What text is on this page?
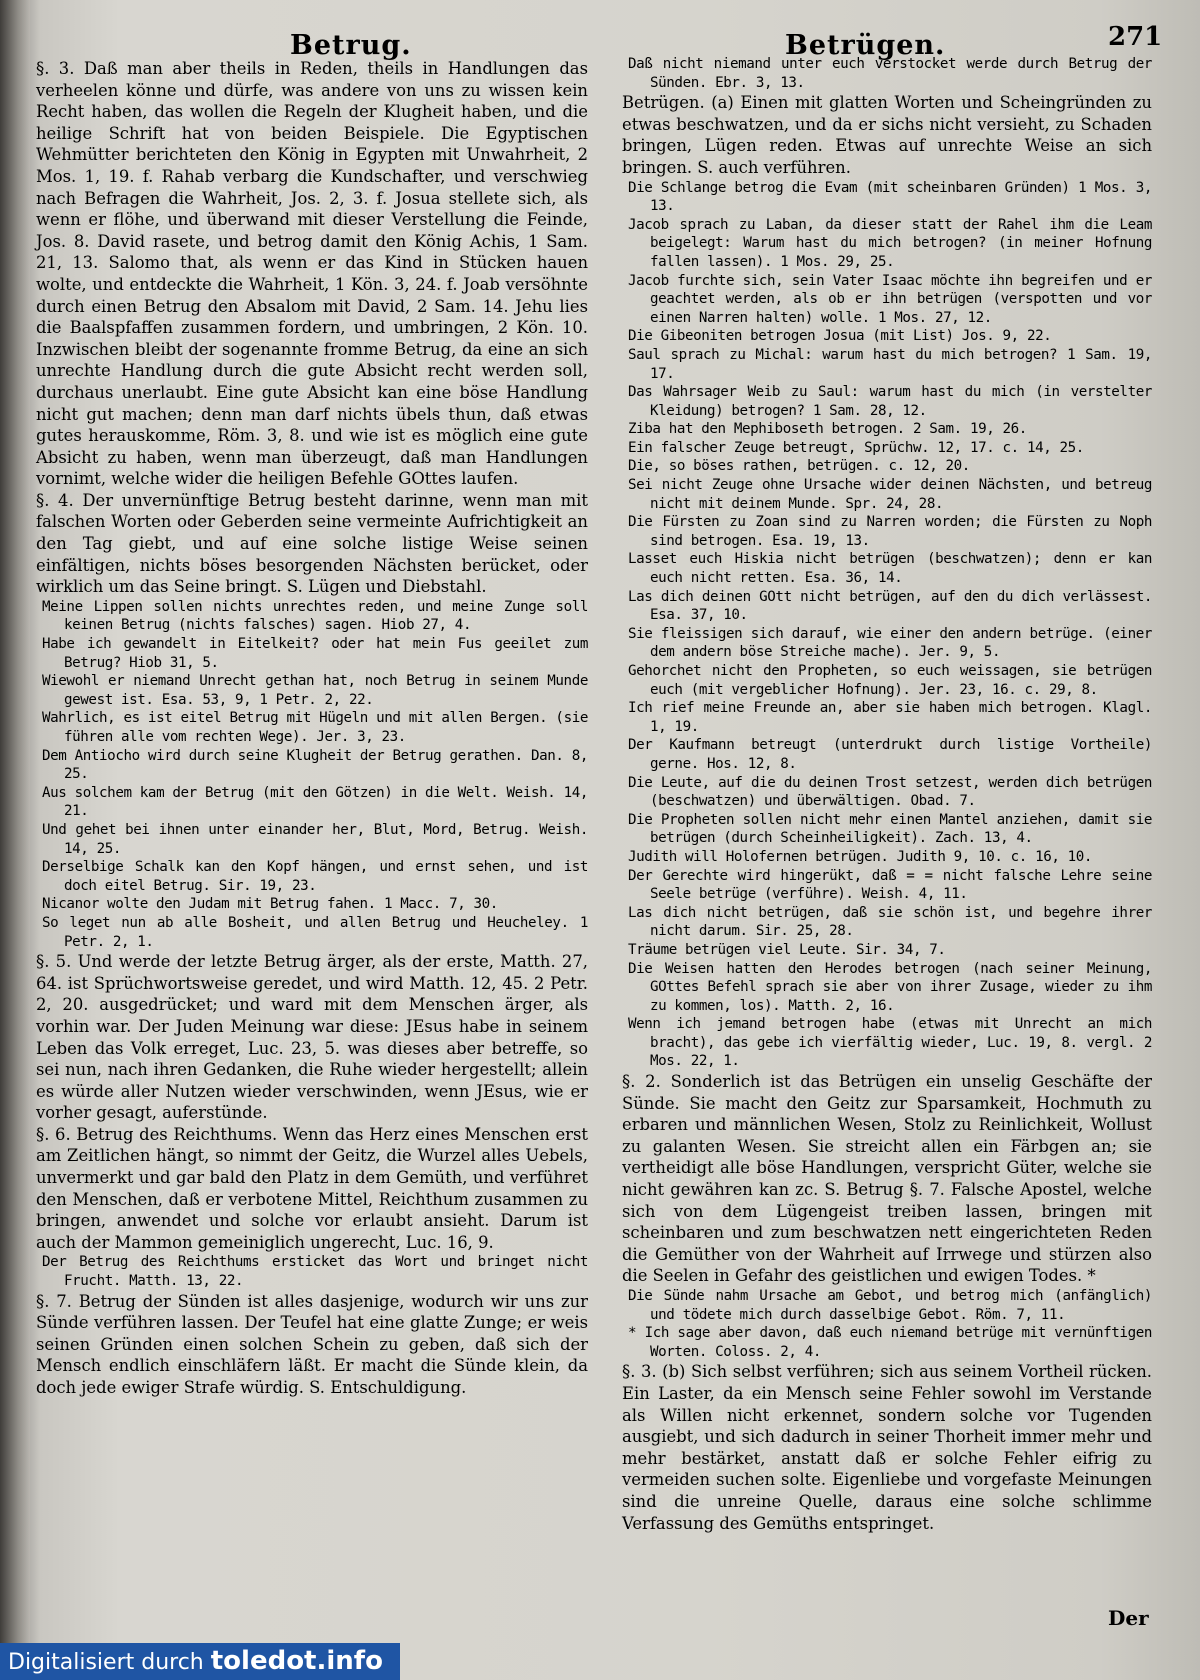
Betrug.	Betrügen.	271
§. 3. Daß man aber theils in Reden, theils in Handlungen das verheelen könne und dürfe, was andere von uns zu wissen kein Recht haben, das wollen die Regeln der Klugheit haben, und die heilige Schrift hat von beiden Beispiele. Die Egyptischen Wehmütter berichteten den König in Egypten mit Unwahrheit, 2 Mos. 1, 19. f. Rahab verbarg die Kundschafter, und verschwieg nach Befragen die Wahrheit, Jos. 2, 3. f. Josua stellete sich, als wenn er flöhe, und überwand mit dieser Verstellung die Feinde, Jos. 8. David rasete, und betrog damit den König Achis, 1 Sam. 21, 13. Salomo that, als wenn er das Kind in Stücken hauen wolte, und entdeckte die Wahrheit, 1 Kön. 3, 24. f. Joab versöhnte durch einen Betrug den Absalom mit David, 2 Sam. 14. Jehu lies die Baalspfaffen zusammen fordern, und umbringen, 2 Kön. 10. Inzwischen bleibt der sogenannte fromme Betrug, da eine an sich unrechte Handlung durch die gute Absicht recht werden soll, durchaus unerlaubt. Eine gute Absicht kan eine böse Handlung nicht gut machen; denn man darf nichts übels thun, daß etwas gutes herauskomme, Röm. 3, 8. und wie ist es möglich eine gute Absicht zu haben, wenn man überzeugt, daß man Handlungen vornimt, welche wider die heiligen Befehle GOttes laufen.
§. 4. Der unvernünftige Betrug besteht darinne, wenn man mit falschen Worten oder Geberden seine vermeinte Aufrichtigkeit an den Tag giebt, und auf eine solche listige Weise seinen einfältigen, nichts böses besorgenden Nächsten berücket, oder wirklich um das Seine bringt. S. Lügen und Diebstahl.
Meine Lippen sollen nichts unrechtes reden, und meine Zunge soll keinen Betrug (nichts falsches) sagen. Hiob 27, 4.
Habe ich gewandelt in Eitelkeit? oder hat mein Fus geeilet zum Betrug? Hiob 31, 5.
Wiewohl er niemand Unrecht gethan hat, noch Betrug in seinem Munde gewest ist. Esa. 53, 9, 1 Petr. 2, 22.
Wahrlich, es ist eitel Betrug mit Hügeln und mit allen Bergen. (sie führen alle vom rechten Wege). Jer. 3, 23.
Dem Antiocho wird durch seine Klugheit der Betrug gerathen. Dan. 8, 25.
Aus solchem kam der Betrug (mit den Götzen) in die Welt. Weish. 14, 21.
Und gehet bei ihnen unter einander her, Blut, Mord, Betrug. Weish. 14, 25.
Derselbige Schalk kan den Kopf hängen, und ernst sehen, und ist doch eitel Betrug. Sir. 19, 23.
Nicanor wolte den Judam mit Betrug fahen. 1 Macc. 7, 30.
So leget nun ab alle Bosheit, und allen Betrug und Heucheley. 1 Petr. 2, 1.
§. 5. Und werde der letzte Betrug ärger, als der erste, Matth. 27, 64. ist Sprüchwortsweise geredet, und wird Matth. 12, 45. 2 Petr. 2, 20. ausgedrücket; und ward mit dem Menschen ärger, als vorhin war. Der Juden Meinung war diese: JEsus habe in seinem Leben das Volk erreget, Luc. 23, 5. was dieses aber betreffe, so sei nun, nach ihren Gedanken, die Ruhe wieder hergestellt; allein es würde aller Nutzen wieder verschwinden, wenn JEsus, wie er vorher gesagt, auferstünde.
§. 6. Betrug des Reichthums. Wenn das Herz eines Menschen erst am Zeitlichen hängt, so nimmt der Geitz, die Wurzel alles Uebels, unvermerkt und gar bald den Platz in dem Gemüth, und verführet den Menschen, daß er verbotene Mittel, Reichthum zusammen zu bringen, anwendet und solche vor erlaubt ansieht. Darum ist auch der Mammon gemeiniglich ungerecht, Luc. 16, 9.
Der Betrug des Reichthums ersticket das Wort und bringet nicht Frucht. Matth. 13, 22.
§. 7. Betrug der Sünden ist alles dasjenige, wodurch wir uns zur Sünde verführen lassen. Der Teufel hat eine glatte Zunge; er weis seinen Gründen einen solchen Schein zu geben, daß sich der Mensch endlich einschläfern läßt. Er macht die Sünde klein, da doch jede ewiger Strafe würdig. S. Entschuldigung.
Daß nicht niemand unter euch verstocket werde durch Betrug der Sünden. Ebr. 3, 13.
Betrügen. (a) Einen mit glatten Worten und Scheingründen zu etwas beschwatzen, und da er sichs nicht versieht, zu Schaden bringen, Lügen reden. Etwas auf unrechte Weise an sich bringen. S. auch verführen.
Die Schlange betrog die Evam (mit scheinbaren Gründen) 1 Mos. 3, 13.
Jacob sprach zu Laban, da dieser statt der Rahel ihm die Leam beigelegt: Warum hast du mich betrogen? (in meiner Hofnung fallen lassen). 1 Mos. 29, 25.
Jacob furchte sich, sein Vater Isaac möchte ihn begreifen und er geachtet werden, als ob er ihn betrügen (verspotten und vor einen Narren halten) wolle. 1 Mos. 27, 12.
Die Gibeoniten betrogen Josua (mit List) Jos. 9, 22.
Saul sprach zu Michal: warum hast du mich betrogen? 1 Sam. 19, 17.
Das Wahrsager Weib zu Saul: warum hast du mich (in verstelter Kleidung) betrogen? 1 Sam. 28, 12.
Ziba hat den Mephiboseth betrogen. 2 Sam. 19, 26.
Ein falscher Zeuge betreugt, Sprüchw. 12, 17. c. 14, 25.
Die, so böses rathen, betrügen. c. 12, 20.
Sei nicht Zeuge ohne Ursache wider deinen Nächsten, und betreug nicht mit deinem Munde. Spr. 24, 28.
Die Fürsten zu Zoan sind zu Narren worden; die Fürsten zu Noph sind betrogen. Esa. 19, 13.
Lasset euch Hiskia nicht betrügen (beschwatzen); denn er kan euch nicht retten. Esa. 36, 14.
Las dich deinen GOtt nicht betrügen, auf den du dich verlässest. Esa. 37, 10.
Sie fleissigen sich darauf, wie einer den andern betrüge. (einer dem andern böse Streiche mache). Jer. 9, 5.
Gehorchet nicht den Propheten, so euch weissagen, sie betrügen euch (mit vergeblicher Hofnung). Jer. 23, 16. c. 29, 8.
Ich rief meine Freunde an, aber sie haben mich betrogen. Klagl. 1, 19.
Der Kaufmann betreugt (unterdrukt durch listige Vortheile) gerne. Hos. 12, 8.
Die Leute, auf die du deinen Trost setzest, werden dich betrügen (beschwatzen) und überwältigen. Obad. 7.
Die Propheten sollen nicht mehr einen Mantel anziehen, damit sie betrügen (durch Scheinheiligkeit). Zach. 13, 4.
Judith will Holofernen betrügen. Judith 9, 10. c. 16, 10.
Der Gerechte wird hingerükt, daß = = nicht falsche Lehre seine Seele betrüge (verführe). Weish. 4, 11.
Las dich nicht betrügen, daß sie schön ist, und begehre ihrer nicht darum. Sir. 25, 28.
Träume betrügen viel Leute. Sir. 34, 7.
Die Weisen hatten den Herodes betrogen (nach seiner Meinung, GOttes Befehl sprach sie aber von ihrer Zusage, wieder zu ihm zu kommen, los). Matth. 2, 16.
Wenn ich jemand betrogen habe (etwas mit Unrecht an mich bracht), das gebe ich vierfältig wieder, Luc. 19, 8. vergl. 2 Mos. 22, 1.
§. 2. Sonderlich ist das Betrügen ein unselig Geschäfte der Sünde. Sie macht den Geitz zur Sparsamkeit, Hochmuth zu erbaren und männlichen Wesen, Stolz zu Reinlichkeit, Wollust zu galanten Wesen. Sie streicht allen ein Färbgen an; sie vertheidigt alle böse Handlungen, verspricht Güter, welche sie nicht gewähren kan zc. S. Betrug §. 7. Falsche Apostel, welche sich von dem Lügengeist treiben lassen, bringen mit scheinbaren und zum beschwatzen nett eingerichteten Reden die Gemüther von der Wahrheit auf Irrwege und stürzen also die Seelen in Gefahr des geistlichen und ewigen Todes. *
Die Sünde nahm Ursache am Gebot, und betrog mich (anfänglich) und tödete mich durch dasselbige Gebot. Röm. 7, 11.
* Ich sage aber davon, daß euch niemand betrüge mit vernünftigen Worten. Coloss. 2, 4.
§. 3. (b) Sich selbst verführen; sich aus seinem Vortheil rücken. Ein Laster, da ein Mensch seine Fehler sowohl im Verstande als Willen nicht erkennet, sondern solche vor Tugenden ausgiebt, und sich dadurch in seiner Thorheit immer mehr und mehr bestärket, anstatt daß er solche Fehler eifrig zu vermeiden suchen solte. Eigenliebe und vorgefaste Meinungen sind die unreine Quelle, daraus eine solche schlimme Verfassung des Gemüths entspringet.
Der
Digitalisiert durch toledot.info
